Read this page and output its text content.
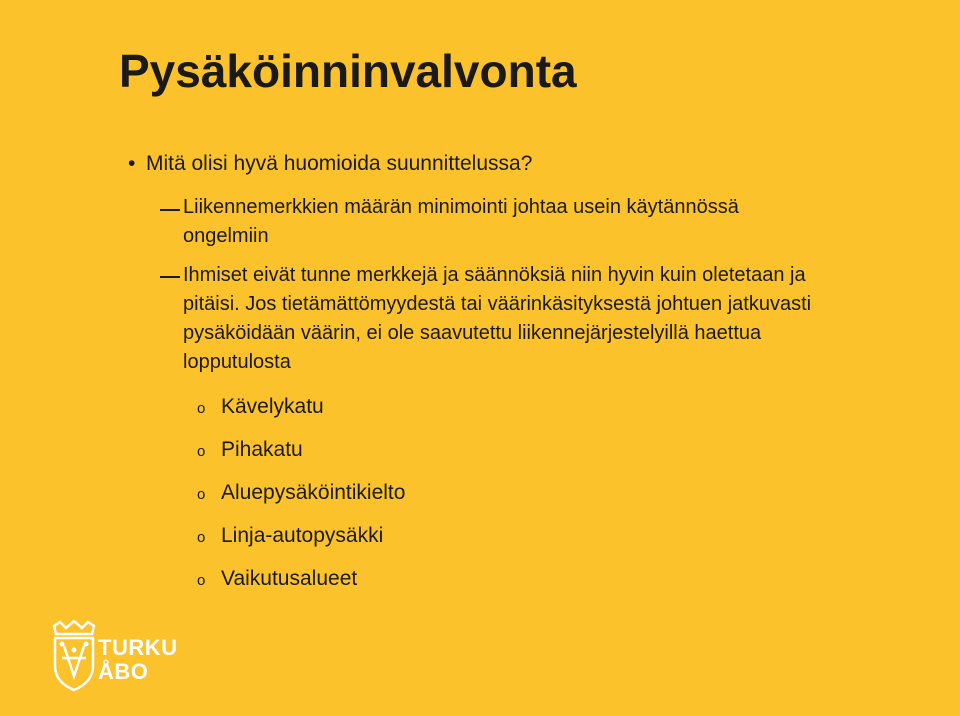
Pysäköinninvalvonta
• Mitä olisi hyvä huomioida suunnittelussa?
Liikennemerkkien määrän minimointi johtaa usein käytännössä ongelmiin
Ihmiset eivät tunne merkkejä ja säännöksiä niin hyvin kuin oletetaan ja pitäisi. Jos tietämättömyydestä tai väärinkäsityksestä johtuen jatkuvasti pysäköidään väärin, ei ole saavutettu liikennejärjestelyillä haettua lopputulosta
o Kävelykatu
o Pihakatu
o Aluepysäköintikielto
o Linja-autopysäkki
o Vaikutusalueet
TURKU
ÅBO
